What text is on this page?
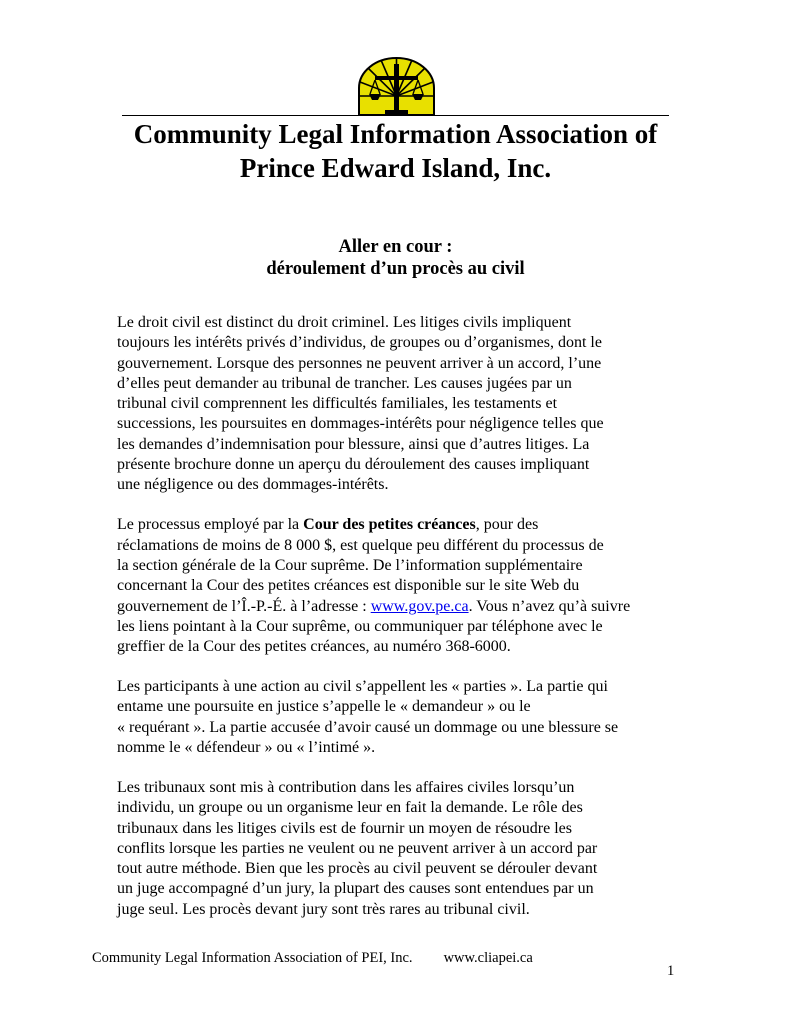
Community Legal Information Association of
Prince Edward Island, Inc.
Aller en cour :
déroulement d’un procès au civil

Le droit civil est distinct du droit criminel. Les litiges civils impliquent
toujours les intérêts privés d’individus, de groupes ou d’organismes, dont le
gouvernement. Lorsque des personnes ne peuvent arriver à un accord, l’une
d’elles peut demander au tribunal de trancher. Les causes jugées par un
tribunal civil comprennent les difficultés familiales, les testaments et
successions, les poursuites en dommages-intérêts pour négligence telles que
les demandes d’indemnisation pour blessure, ainsi que d’autres litiges. La
présente brochure donne un aperçu du déroulement des causes impliquant
une négligence ou des dommages-intérêts.

Le processus employé par la Cour des petites créances, pour des
réclamations de moins de 8 000 $, est quelque peu différent du processus de
la section générale de la Cour suprême. De l’information supplémentaire
concernant la Cour des petites créances est disponible sur le site Web du
gouvernement de l’Î.-P.-É. à l’adresse : www.gov.pe.ca. Vous n’avez qu’à suivre
les liens pointant à la Cour suprême, ou communiquer par téléphone avec le
greffier de la Cour des petites créances, au numéro 368-6000.

Les participants à une action au civil s’appellent les « parties ». La partie qui
entame une poursuite en justice s’appelle le « demandeur » ou le
« requérant ». La partie accusée d’avoir causé un dommage ou une blessure se
nomme le « défendeur » ou « l’intimé ».

Les tribunaux sont mis à contribution dans les affaires civiles lorsqu’un
individu, un groupe ou un organisme leur en fait la demande. Le rôle des
tribunaux dans les litiges civils est de fournir un moyen de résoudre les
conflits lorsque les parties ne veulent ou ne peuvent arriver à un accord par
tout autre méthode. Bien que les procès au civil peuvent se dérouler devant
un juge accompagné d’un jury, la plupart des causes sont entendues par un
juge seul. Les procès devant jury sont très rares au tribunal civil.

Community Legal Information Association of PEI, Inc. www.cliapei.ca
1
